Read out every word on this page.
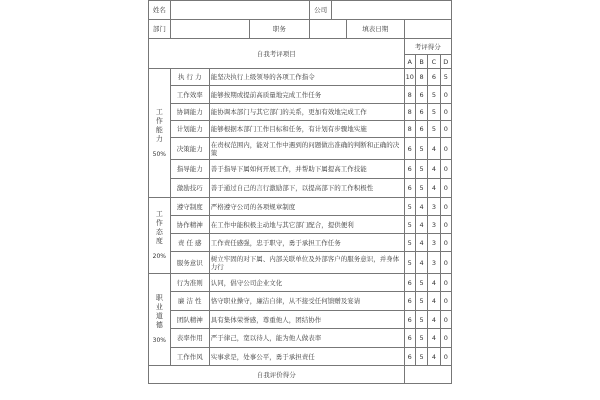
姓名				公司						
部门			职务			填表日期				
自我考评项目							考评得分			
							A	B	C	D

工
作
能
力
50%	执 行 力	能坚决执行上级领导的各项工作指令					10	8	6	5
	工作效率	能够按期或提前高质量地完成工作任务					8	6	5	0
	协调能力	能协调本部门与其它部门的关系，更加有效地完成工作					8	6	5	0
	计划能力	能够根据本部门工作目标和任务，有计划有步骤地实施					8	6	5	0
	决策能力	在责权范围内，能对工作中遇到的问题做出准确的判断和正确的决策					6	5	4	0
	指导能力	善于指导下属如何开展工作，并帮助下属提高工作技能					6	5	4	0
	激励技巧	善于通过自己的言行激励部下，以提高部下的工作积极性					6	5	4	0

工
作
态
度
20%	遵守制度	严格遵守公司的各项规章制度					5	4	3	0
	协作精神	在工作中能积极主动地与其它部门配合，提供便利					5	4	3	0
	责 任 感	工作责任感强，忠于职守，勇于承担工作任务					5	4	3	0
	服务意识	树立牢固的对下属、内部关联单位及外部客户的服务意识，并身体力行					5	4	3	0

职
业
道
德
30%	行为准则	认同，倡守公司企业文化					6	5	4	0
	廉 洁 性	恪守职业操守，廉洁自律，从不接受任何馈赠及宴请					6	5	4	0
	团队精神	具有集体荣誉感，尊重他人，团结协作					6	5	4	0
	表率作用	严于律己，宽以待人，能为他人做表率					6	5	4	0
	工作作风	实事求是，处事公平，勇于承担责任					6	5	4	0
自我评价得分										
